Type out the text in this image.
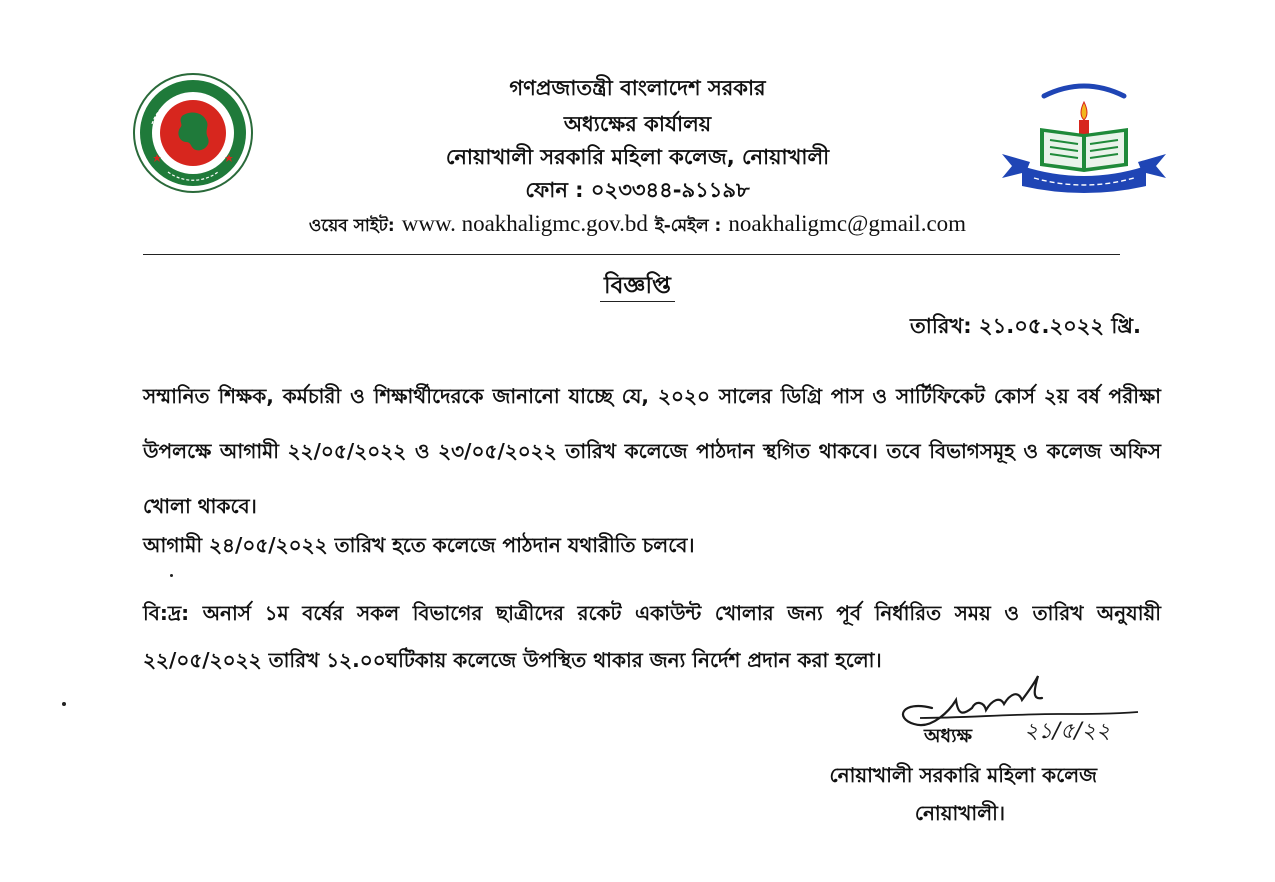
গণপ্রজাতন্ত্রী বাংলাদেশ সরকার
অধ্যক্ষের কার্যালয়
নোয়াখালী সরকারি মহিলা কলেজ, নোয়াখালী
ফোন : ০২৩৩৪৪-৯১১৯৮
ওয়েব সাইট: www. noakhaligmc.gov.bd ই-মেইল : noakhaligmc@gmail.com
বিজ্ঞপ্তি
তারিখ: ২১.০৫.২০২২ খ্রি.
সম্মানিত শিক্ষক, কর্মচারী ও শিক্ষার্থীদেরকে জানানো যাচ্ছে যে, ২০২০ সালের ডিগ্রি পাস ও সার্টিফিকেট কোর্স ২য় বর্ষ পরীক্ষা উপলক্ষে আগামী ২২/০৫/২০২২ ও ২৩/০৫/২০২২ তারিখ কলেজে পাঠদান স্থগিত থাকবে। তবে বিভাগসমূহ ও কলেজ অফিস খোলা থাকবে।
আগামী ২৪/০৫/২০২২ তারিখ হতে কলেজে পাঠদান যথারীতি চলবে।
বি:দ্র: অনার্স ১ম বর্ষের সকল বিভাগের ছাত্রীদের রকেট একাউন্ট খোলার জন্য পূর্ব নির্ধারিত সময় ও তারিখ অনুযায়ী ২২/০৫/২০২২ তারিখ ১২.০০ঘটিকায় কলেজে উপস্থিত থাকার জন্য নির্দেশ প্রদান করা হলো।
২১/৫/২২
অধ্যক্ষ
নোয়াখালী সরকারি মহিলা কলেজ
নোয়াখালী।
